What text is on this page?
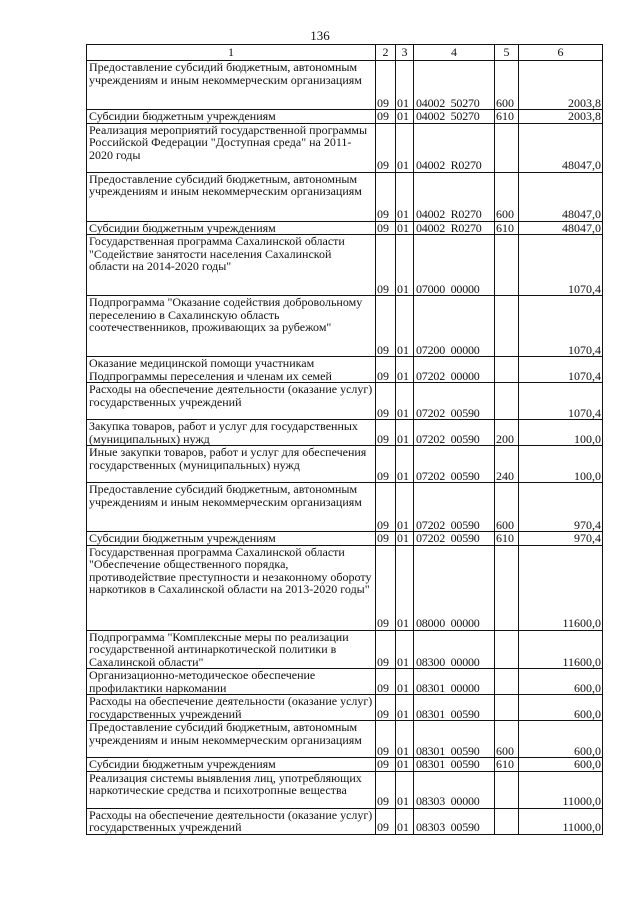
136
1	2	3	4	5	6
Предоставление субсидий бюджетным, автономным учреждениям и иным некоммерческим организациям	09	01	04002  50270	600	2003,8
Субсидии бюджетным учреждениям	09	01	04002  50270	610	2003,8
Реализация мероприятий государственной программы Российской Федерации "Доступная среда" на 2011-2020 годы	09	01	04002  R0270		48047,0
Предоставление субсидий бюджетным, автономным учреждениям и иным некоммерческим организациям	09	01	04002  R0270	600	48047,0
Субсидии бюджетным учреждениям	09	01	04002  R0270	610	48047,0
Государственная программа Сахалинской области "Содействие занятости населения Сахалинской области на 2014-2020 годы"	09	01	07000  00000		1070,4
Подпрограмма "Оказание содействия добровольному переселению в Сахалинскую область соотечественников, проживающих за рубежом"	09	01	07200  00000		1070,4
Оказание медицинской помощи участникам Подпрограммы переселения и членам их семей	09	01	07202  00000		1070,4
Расходы на обеспечение деятельности (оказание услуг) государственных учреждений	09	01	07202  00590		1070,4
Закупка товаров, работ и услуг для государственных (муниципальных) нужд	09	01	07202  00590	200	100,0
Иные закупки товаров, работ и услуг для обеспечения государственных (муниципальных) нужд	09	01	07202  00590	240	100,0
Предоставление субсидий бюджетным, автономным учреждениям и иным некоммерческим организациям	09	01	07202  00590	600	970,4
Субсидии бюджетным учреждениям	09	01	07202  00590	610	970,4
Государственная программа Сахалинской области "Обеспечение общественного порядка, противодействие преступности и незаконному обороту наркотиков в Сахалинской области на 2013-2020 годы"	09	01	08000  00000		11600,0
Подпрограмма "Комплексные меры по реализации государственной антинаркотической политики в Сахалинской области"	09	01	08300  00000		11600,0
Организационно-методическое обеспечение профилактики наркомании	09	01	08301  00000		600,0
Расходы на обеспечение деятельности (оказание услуг) государственных учреждений	09	01	08301  00590		600,0
Предоставление субсидий бюджетным, автономным учреждениям и иным некоммерческим организациям	09	01	08301  00590	600	600,0
Субсидии бюджетным учреждениям	09	01	08301  00590	610	600,0
Реализация системы выявления лиц, употребляющих наркотические средства и психотропные вещества	09	01	08303  00000		11000,0
Расходы на обеспечение деятельности (оказание услуг) государственных учреждений	09	01	08303  00590		11000,0
